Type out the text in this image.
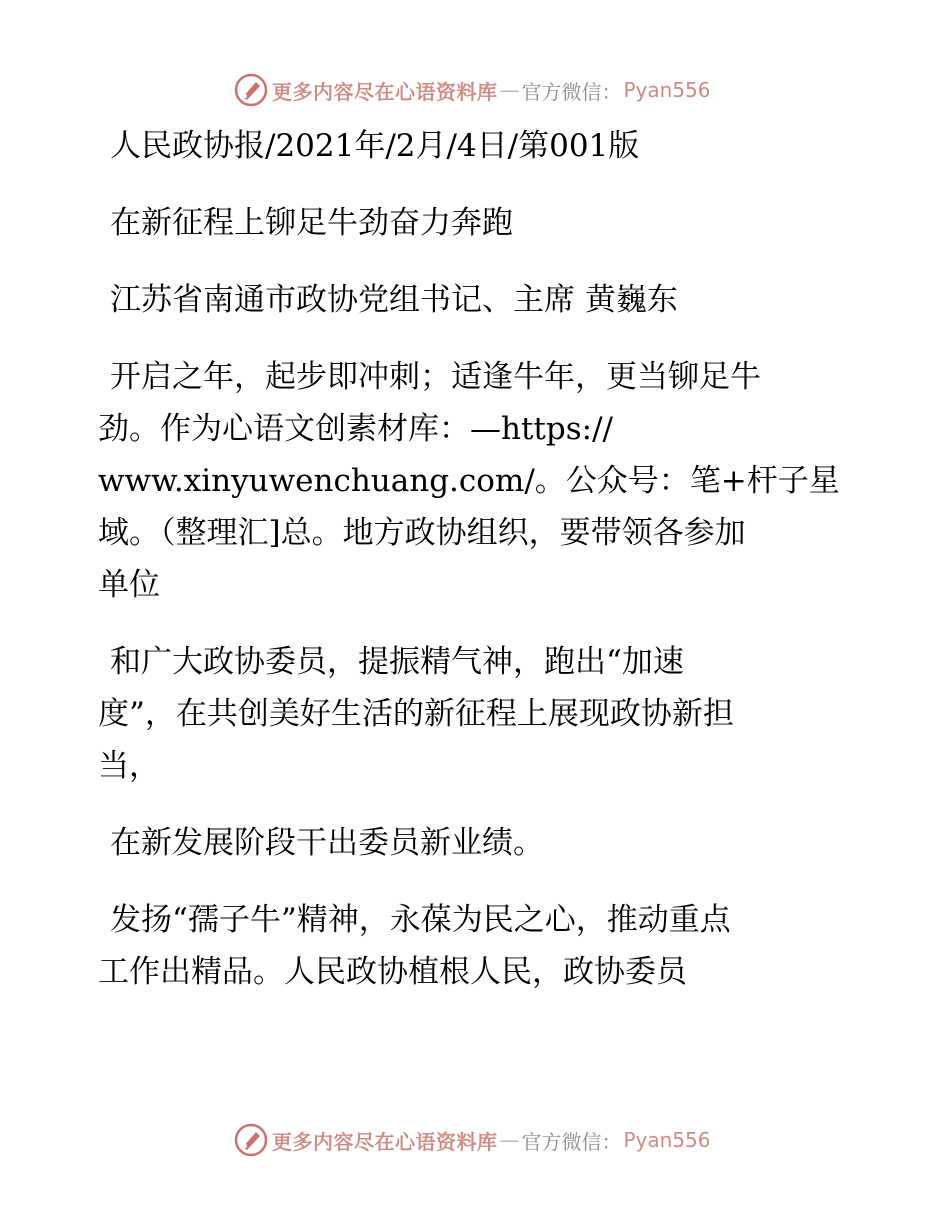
更多内容尽在心语资料库 — 官方微信： Pyan556
人民政协报/2021年/2月/4日/第001版
在新征程上铆足牛劲奋力奔跑
江苏省南通市政协党组书记、主席 黄巍东
开启之年，起步即冲刺；适逢牛年，更当铆足牛
劲。作为心语文创素材库：—https://
www.xinyuwenchuang.com/。公众号：笔+杆子星
域。（整理汇]总。地方政协组织，要带领各参加
单位
和广大政协委员，提振精气神，跑出“加速
度”，在共创美好生活的新征程上展现政协新担
当，
在新发展阶段干出委员新业绩。
发扬“孺子牛”精神，永葆为民之心，推动重点
工作出精品。人民政协植根人民，政协委员
更多内容尽在心语资料库 — 官方微信： Pyan556
